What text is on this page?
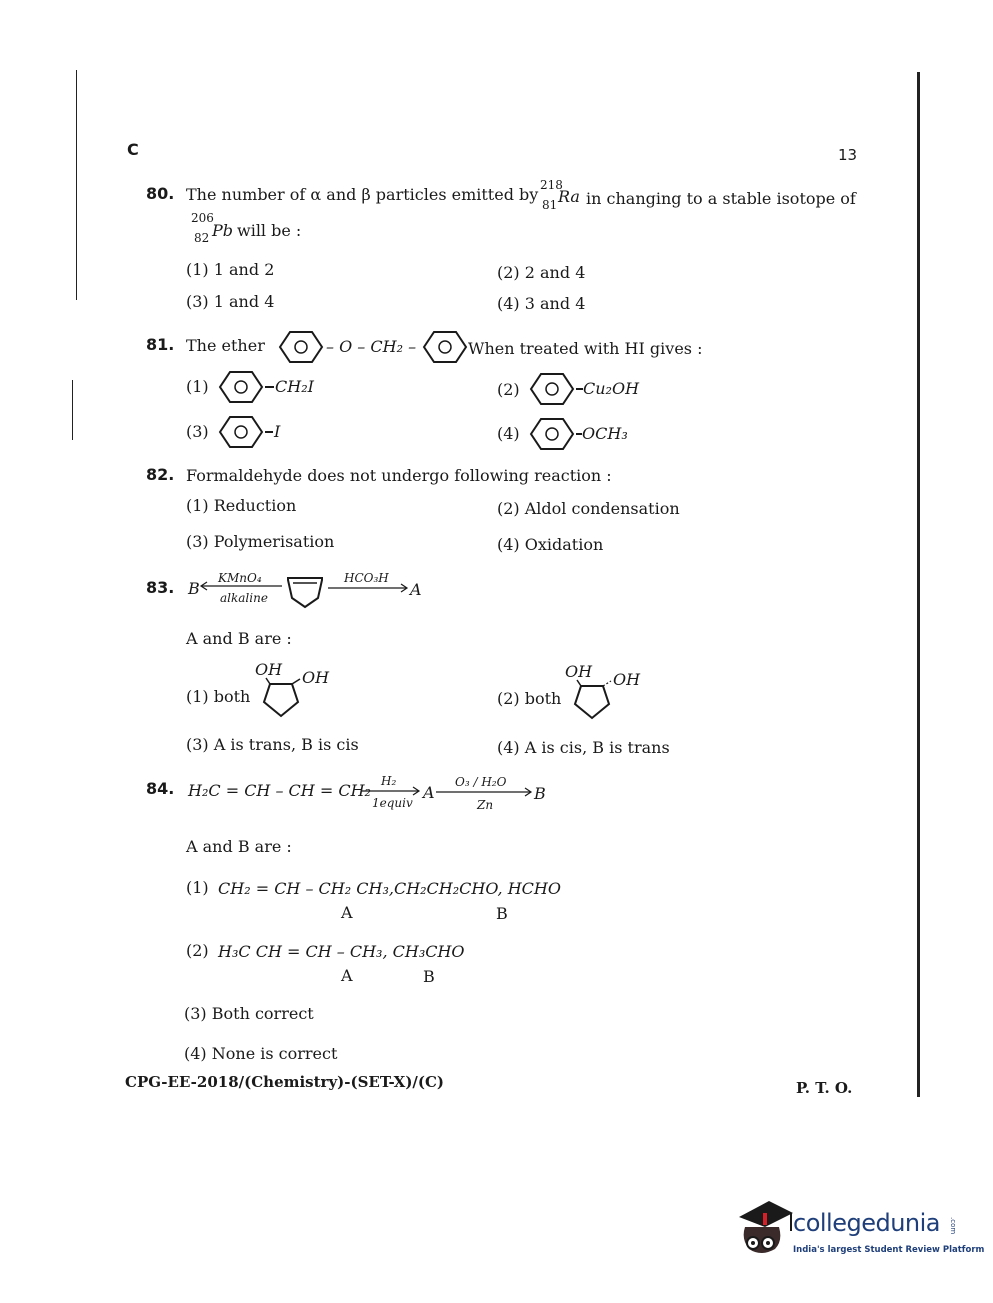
C	13
80. The number of α and β particles emitted by 218
81 Ra in changing to a stable isotope of
206
82 Pb will be :
(1) 1 and 2	(2) 2 and 4
(3) 1 and 4	(4) 3 and 4
81. The ether	– O – CH₂ –	When treated with HI gives :
(1)	CH₂I	(2)	Cu₂OH
(3)	I	(4)	OCH₃
82. Formaldehyde does not undergo following reaction :
(1) Reduction	(2) Aldol condensation
(3) Polymerisation	(4) Oxidation
83. B
KMnO₄
alkaline
HCO₃H
A
A and B are :
(1) both
OH OH
(2) both
OH OH
(3) A is trans, B is cis	(4) A is cis, B is trans
84. H₂C = CH – CH = CH₂ H₂
1equiv
A
O₃ / H₂O
Zn
B
A and B are :
(1) CH₂ = CH – CH₂ CH₃,CH₂CH₂CHO, HCHO
A	B
(2) H₃C CH = CH – CH₃, CH₃CHO
A	B
(3) Both correct
(4) None is correct
CPG-EE-2018/(Chemistry)-(SET-X)/(C)	P. T. O.
collegedunia .com
India's largest Student Review Platform
